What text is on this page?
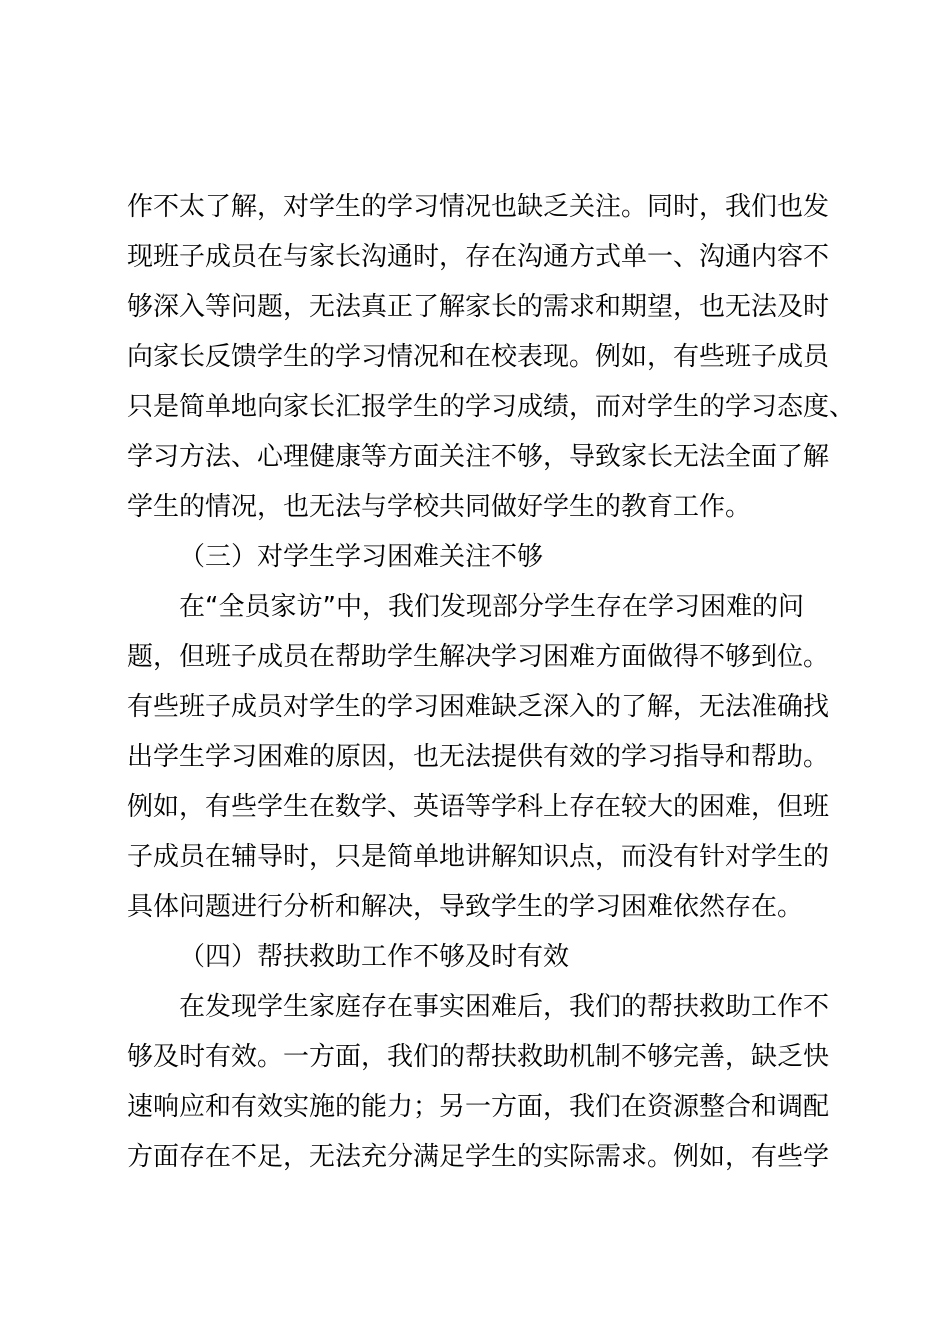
作不太了解，对学生的学习情况也缺乏关注。同时，我们也发
现班子成员在与家长沟通时，存在沟通方式单一、沟通内容不
够深入等问题，无法真正了解家长的需求和期望，也无法及时
向家长反馈学生的学习情况和在校表现。例如，有些班子成员
只是简单地向家长汇报学生的学习成绩，而对学生的学习态度、
学习方法、心理健康等方面关注不够，导致家长无法全面了解
学生的情况，也无法与学校共同做好学生的教育工作。
（三）对学生学习困难关注不够
在“全员家访”中，我们发现部分学生存在学习困难的问
题，但班子成员在帮助学生解决学习困难方面做得不够到位。
有些班子成员对学生的学习困难缺乏深入的了解，无法准确找
出学生学习困难的原因，也无法提供有效的学习指导和帮助。
例如，有些学生在数学、英语等学科上存在较大的困难，但班
子成员在辅导时，只是简单地讲解知识点，而没有针对学生的
具体问题进行分析和解决，导致学生的学习困难依然存在。
（四）帮扶救助工作不够及时有效
在发现学生家庭存在事实困难后，我们的帮扶救助工作不
够及时有效。一方面，我们的帮扶救助机制不够完善，缺乏快
速响应和有效实施的能力；另一方面，我们在资源整合和调配
方面存在不足，无法充分满足学生的实际需求。例如，有些学
